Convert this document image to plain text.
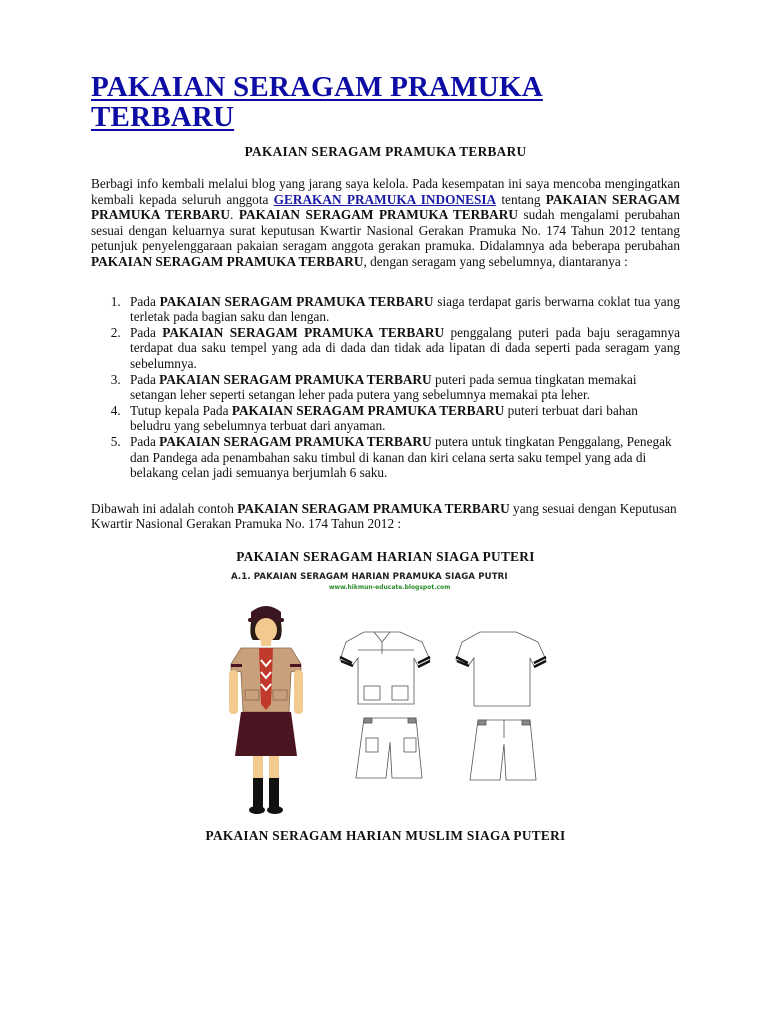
PAKAIAN SERAGAM PRAMUKA TERBARU

PAKAIAN SERAGAM PRAMUKA TERBARU

Berbagi info kembali melalui blog yang jarang saya kelola. Pada kesempatan ini saya mencoba mengingatkan kembali kepada seluruh anggota GERAKAN PRAMUKA INDONESIA tentang PAKAIAN SERAGAM PRAMUKA TERBARU. PAKAIAN SERAGAM PRAMUKA TERBARU sudah mengalami perubahan sesuai dengan keluarnya surat keputusan Kwartir Nasional Gerakan Pramuka No. 174 Tahun 2012 tentang petunjuk penyelenggaraan pakaian seragam anggota gerakan pramuka. Didalamnya ada beberapa perubahan PAKAIAN SERAGAM PRAMUKA TERBARU, dengan seragam yang sebelumnya, diantaranya :

1. Pada PAKAIAN SERAGAM PRAMUKA TERBARU siaga terdapat garis berwarna coklat tua yang terletak pada bagian saku dan lengan.
2. Pada PAKAIAN SERAGAM PRAMUKA TERBARU penggalang puteri pada baju seragamnya terdapat dua saku tempel yang ada di dada dan tidak ada lipatan di dada seperti pada seragam yang sebelumnya.
3. Pada PAKAIAN SERAGAM PRAMUKA TERBARU puteri pada semua tingkatan memakai setangan leher seperti setangan leher pada putera yang sebelumnya memakai pta leher.
4. Tutup kepala Pada PAKAIAN SERAGAM PRAMUKA TERBARU puteri terbuat dari bahan beludru yang sebelumnya terbuat dari anyaman.
5. Pada PAKAIAN SERAGAM PRAMUKA TERBARU putera untuk tingkatan Penggalang, Penegak dan Pandega ada penambahan saku timbul di kanan dan kiri celana serta saku tempel yang ada di belakang celan jadi semuanya berjumlah 6 saku.

Dibawah ini adalah contoh PAKAIAN SERAGAM PRAMUKA TERBARU yang sesuai dengan Keputusan Kwartir Nasional Gerakan Pramuka No. 174 Tahun 2012 :

PAKAIAN SERAGAM HARIAN SIAGA PUTERI

A.1. PAKAIAN SERAGAM HARIAN PRAMUKA SIAGA PUTRI
www.hikmun-educate.blogspot.com

PAKAIAN SERAGAM HARIAN MUSLIM SIAGA PUTERI
